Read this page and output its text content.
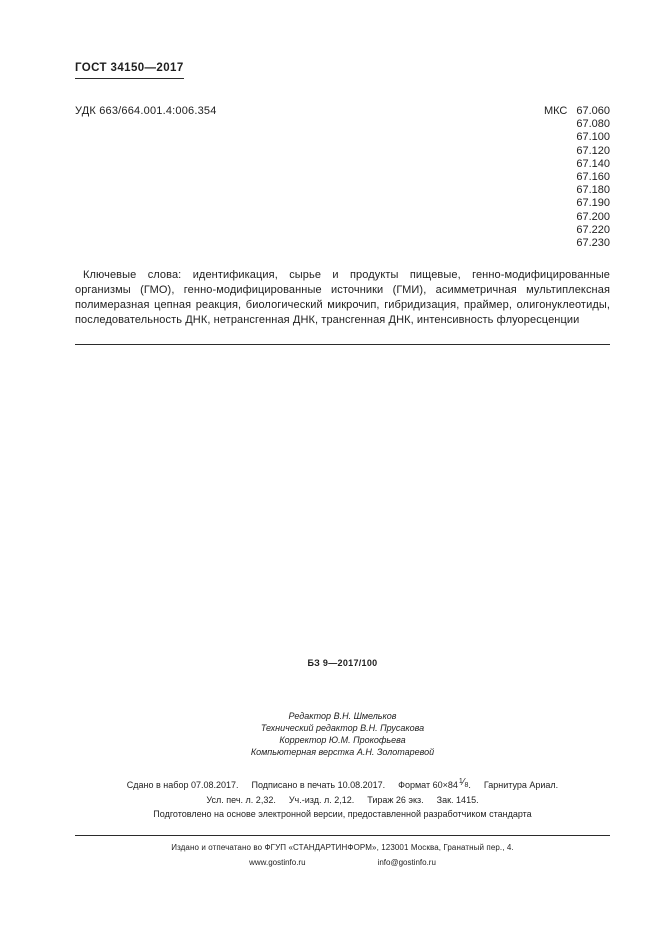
ГОСТ 34150—2017
УДК 663/664.001.4:006.354	МКС 67.060
67.080
67.100
67.120
67.140
67.160
67.180
67.190
67.200
67.220
67.230

Ключевые слова: идентификация, сырье и продукты пищевые, генно-модифицированные организмы (ГМО), генно-модифицированные источники (ГМИ), асимметричная мультиплексная полимеразная цепная реакция, биологический микрочип, гибридизация, праймер, олигонуклеотиды, последовательность ДНК, нетрансгенная ДНК, трансгенная ДНК, интенсивность флуоресценции

БЗ 9—2017/100
Редактор В.Н. Шмельков
Технический редактор В.Н. Прусакова
Корректор Ю.М. Прокофьева
Компьютерная верстка А.Н. Золотаревой
Сдано в набор 07.08.2017. Подписано в печать 10.08.2017. Формат 60×84 1
⁄
8 . Гарнитура Ариал.
Усл. печ. л. 2,32. Уч.-изд. л. 2,12. Тираж 26 экз. Зак. 1415.
Подготовлено на основе электронной версии, предоставленной разработчиком стандарта
Издано и отпечатано во ФГУП «СТАНДАРТИНФОРМ», 123001 Москва, Гранатный пер., 4.
www.gostinfo.ru	info@gostinfo.ru
